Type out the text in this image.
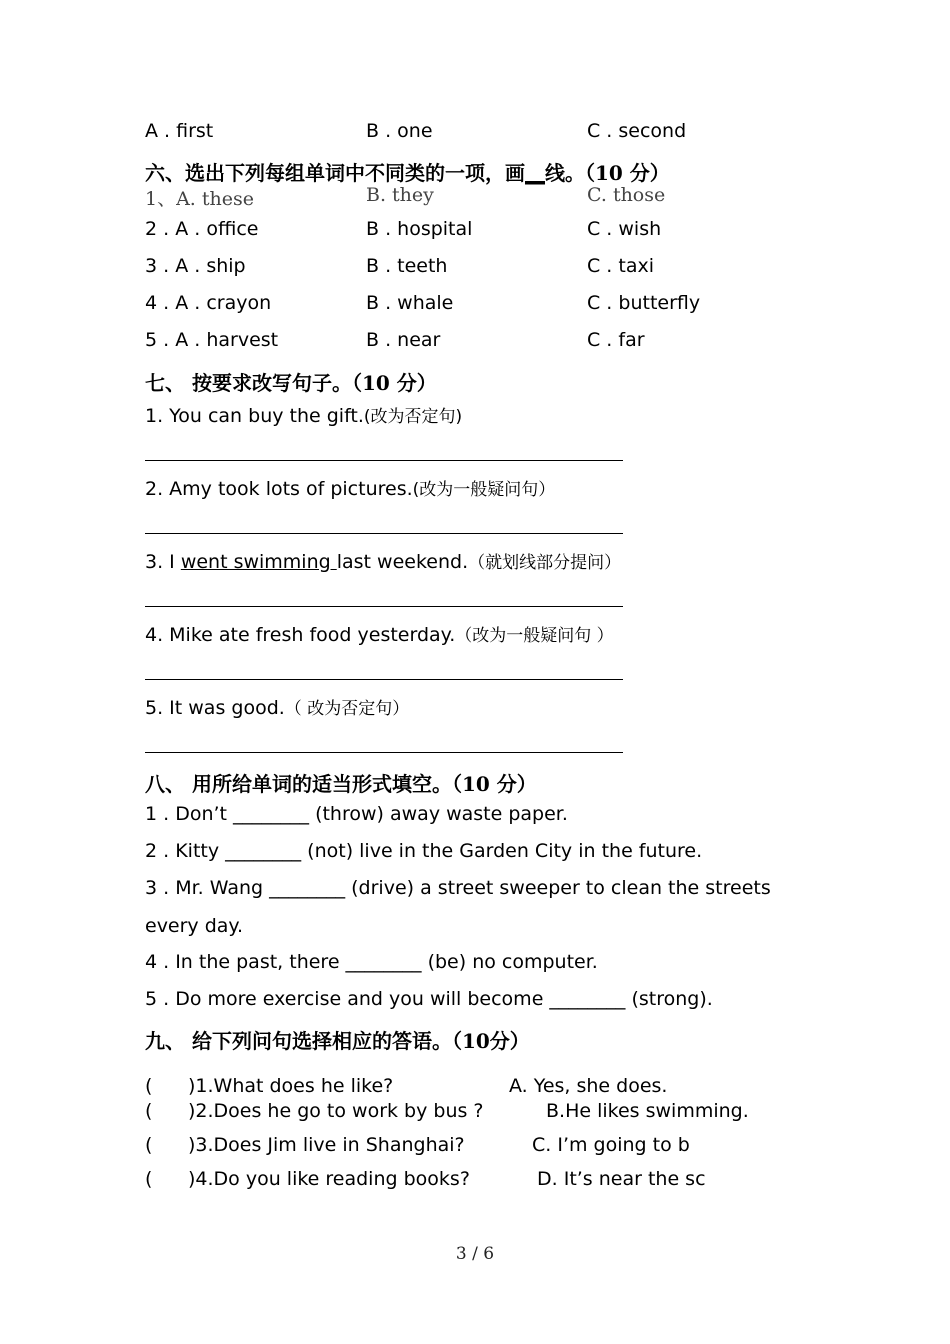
A . first	B . one	C . second
六、选出下列每组单词中不同类的一项，画__线。（10 分）
1、A. these	B. they	C. those
2 . A . office	B . hospital	C . wish
3 . A . ship	B . teeth	C . taxi
4 . A . crayon	B . whale	C . butterfly
5 . A . harvest	B . near	C . far
七、 按要求改写句子。（10 分）
1. You can buy the gift.(改为否定句)
2. Amy took lots of pictures.(改为一般疑问句）
3. I went swimming last weekend.（就划线部分提问）
4. Mike ate fresh food yesterday.（改为一般疑问句 ）
5. It was good.（ 改为否定句）
八、 用所给单词的适当形式填空。（10 分）
1 . Don’t ________ (throw) away waste paper.
2 . Kitty ________ (not) live in the Garden City in the future.
3 . Mr. Wang ________ (drive) a street sweeper to clean the streets
every day.
4 . In the past, there ________ (be) no computer.
5 . Do more exercise and you will become ________ (strong).
九、 给下列问句选择相应的答语。（10分）
( )1.What does he like?	A. Yes, she does.
( )2.Does he go to work by bus ?	B.He likes swimming.
( )3.Does Jim live in Shanghai?	C. I’m going to b
( )4.Do you like reading books?	D. It’s near the sc
3 / 6
